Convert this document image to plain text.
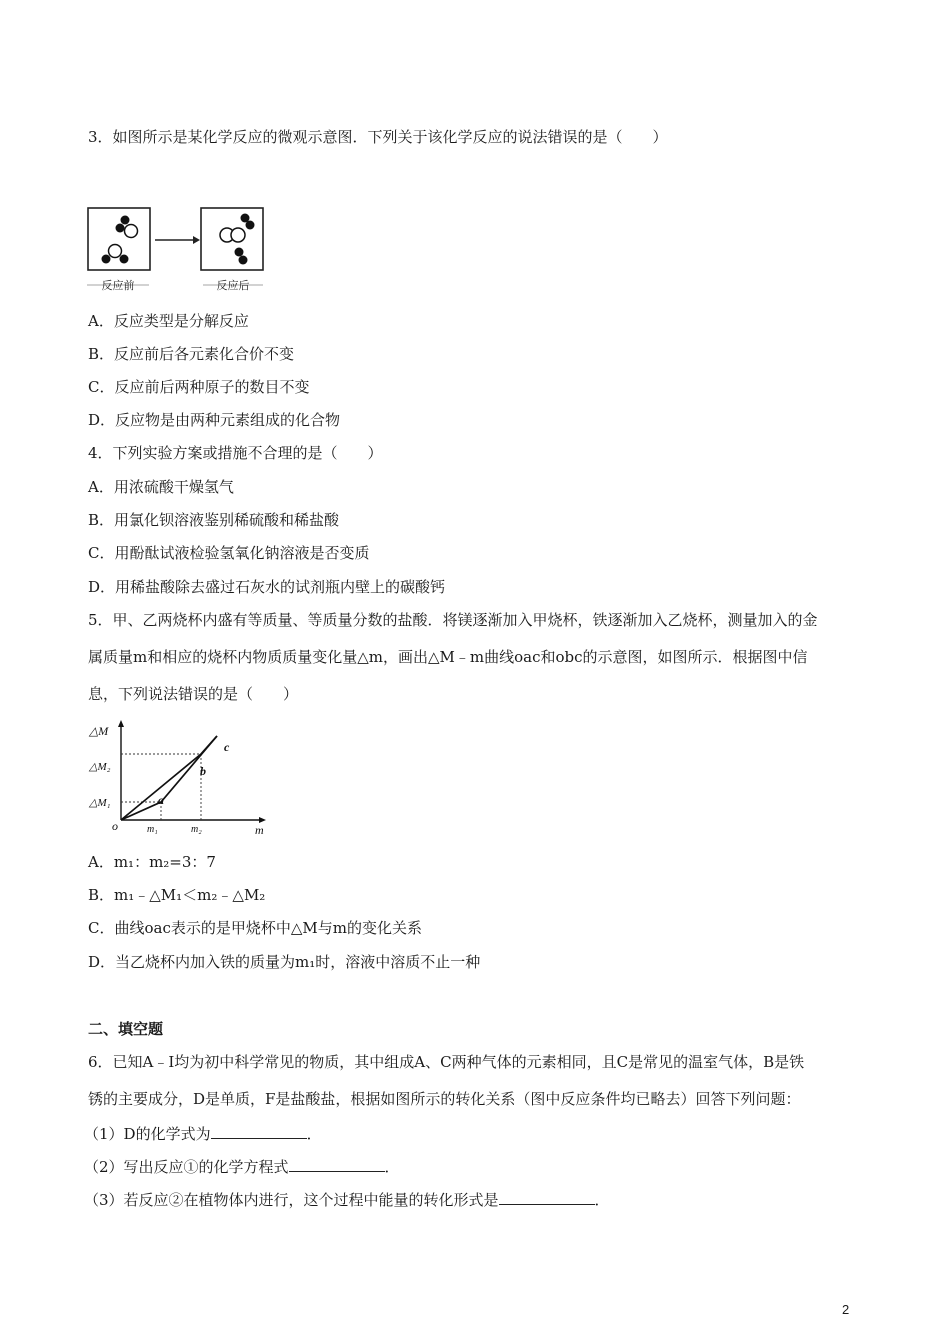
3．如图所示是某化学反应的微观示意图．下列关于该化学反应的说法错误的是（　　）
反应前	反应后
A．反应类型是分解反应
B．反应前后各元素化合价不变
C．反应前后两种原子的数目不变
D．反应物是由两种元素组成的化合物
4．下列实验方案或措施不合理的是（　　）
A．用浓硫酸干燥氢气
B．用氯化钡溶液鉴别稀硫酸和稀盐酸
C．用酚酞试液检验氢氧化钠溶液是否变质
D．用稀盐酸除去盛过石灰水的试剂瓶内壁上的碳酸钙
5．甲、乙两烧杯内盛有等质量、等质量分数的盐酸．将镁逐渐加入甲烧杯，铁逐渐加入乙烧杯，测量加入的金
属质量m和相应的烧杯内物质质量变化量△m，画出△M﹣m曲线oac和obc的示意图，如图所示．根据图中信
息，下列说法错误的是（　　）
△M
m
o
△M₁
△M₂
m₁	m₂
a
b
c
A．m₁：m₂=3：7
B．m₁﹣△M₁＜m₂﹣△M₂
C．曲线oac表示的是甲烧杯中△M与m的变化关系
D．当乙烧杯内加入铁的质量为m₁时，溶液中溶质不止一种
二、填空题
6．已知A﹣I均为初中科学常见的物质，其中组成A、C两种气体的元素相同，且C是常见的温室气体，B是铁
锈的主要成分，D是单质，F是盐酸盐，根据如图所示的转化关系（图中反应条件均已略去）回答下列问题：
（1）D的化学式为	．
（2）写出反应①的化学方程式	．
（3）若反应②在植物体内进行，这个过程中能量的转化形式是	．
2
